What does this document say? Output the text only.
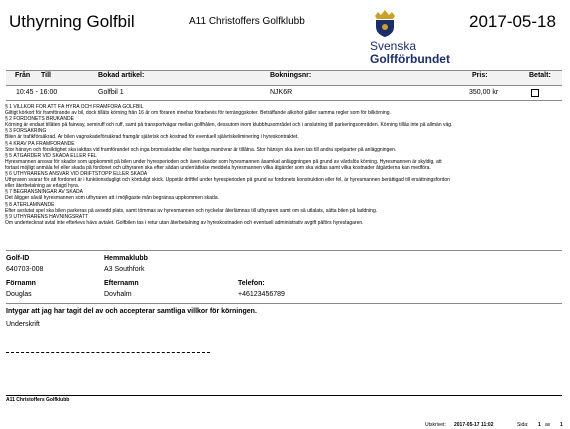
Uthyrning Golfbil	A11 Christoffers Golfklubb	2017-05-18
Svenska
Golfförbundet
Från Till	Bokad artikel:	Bokningsnr:	Pris:	Betalt:
10:45 - 16:00	Golfbil 1	NJK6R	350,00 kr
§ 1 VILLKOR FÖR ATT FÅ HYRA OCH FRAMFÖRA GOLFBIL
Giltigt körkort för framförande av bil, dock tillåts körning från 16 år om föraren innehar förarbevis för terränggskoter. Beträffande alkohol gäller samma regler som för bilkörning.
§ 2 FORDONETS BRUKANDE
Körning är endast tillåten på fairway, semiruff och ruff, samt på transportvägar mellan golfhålen, dessutom inom klubbhusområdet och i anslutning till parkeringsområden. Körning tillås inte på allmän väg.
§ 3 FÖRSÄKRING
Bilen är trafikförsäkrad. Är bilen vagnskadeförsäkrad framgår självrisk och kostnad för eventuell självriskeliminering i hyreskontraktet.
§ 4 KRAV PÅ FRAMFÖRANDE
Stor hänsyn och försiktighet ska iakttas vid framförandet och inga bromssladdar eller hastiga manövrar är tillåtna. Stor hänsyn ska även tas till andra spelparter på anläggningen.
§ 5 ÅTGÄRDER VID SKADA ELLER FEL
Hyresmannen ansvar för skador som uppkommit på bilen under hyresperioden och även skador som hyresmannen åsamkat anläggningen på grund av vårdslös körning. Hyresmannen är skyldig, att
fortast möjligt anmäla fel eller skada på fordonet och uthyraren ska efter sådan underrättelse meddela hyresmannen vilka åtgärder som ska vidtas samt vilka kostnader åtgärderna kan medföra.
§ 6 UTHYRARENS ANSVAR VID DRIFTSTOPP ELLER SKADA
Uthyraren svarar för att fordonet är i funktionsdugligt och körduligt skick. Uppstår driftfel under hyresperioden på grund av fordonets konstruktion eller fel, är hyresmannen berättigad till ersättningsfordon
eller återbetalning av erlagd hyra.
§ 7 BEGRÄNSNINGAR AV SKADA
Det åligger såväl hyresmannen som uthyraren att i möjligaste mån begränsa uppkommen skada.
§ 8 ÅTERLÄMNANDE
Efter avslutat spel ska bilen parkeras på avsedd plats, samt tömmas av hyresmannen och nyckelar återlämnas till uthyraren samt om så utlalats, sätta bilen på laddning.
§ 9 UTHYRARENS HÄVNINGSRÄTT
Om undertecknat avtal inte efterlevs hävs avtalet. Golfbilen tas i retur utan återbetalning av hyreskostnaden och eventuell administrativ avgift påförs hyrestagaren.
Golf-ID	Hemmaklubb
640703-008	A3 Southfork
Förnamn	Efternamn	Telefon:
Douglas	Dovhalm	+46123456789
Intygar att jag har tagit del av och accepterar samtliga villkor för körningen.
Underskrift
A11 Christoffers Golfklubb
Utskrivet: 2017-05-17 11:02	Sida: 1 av 1
